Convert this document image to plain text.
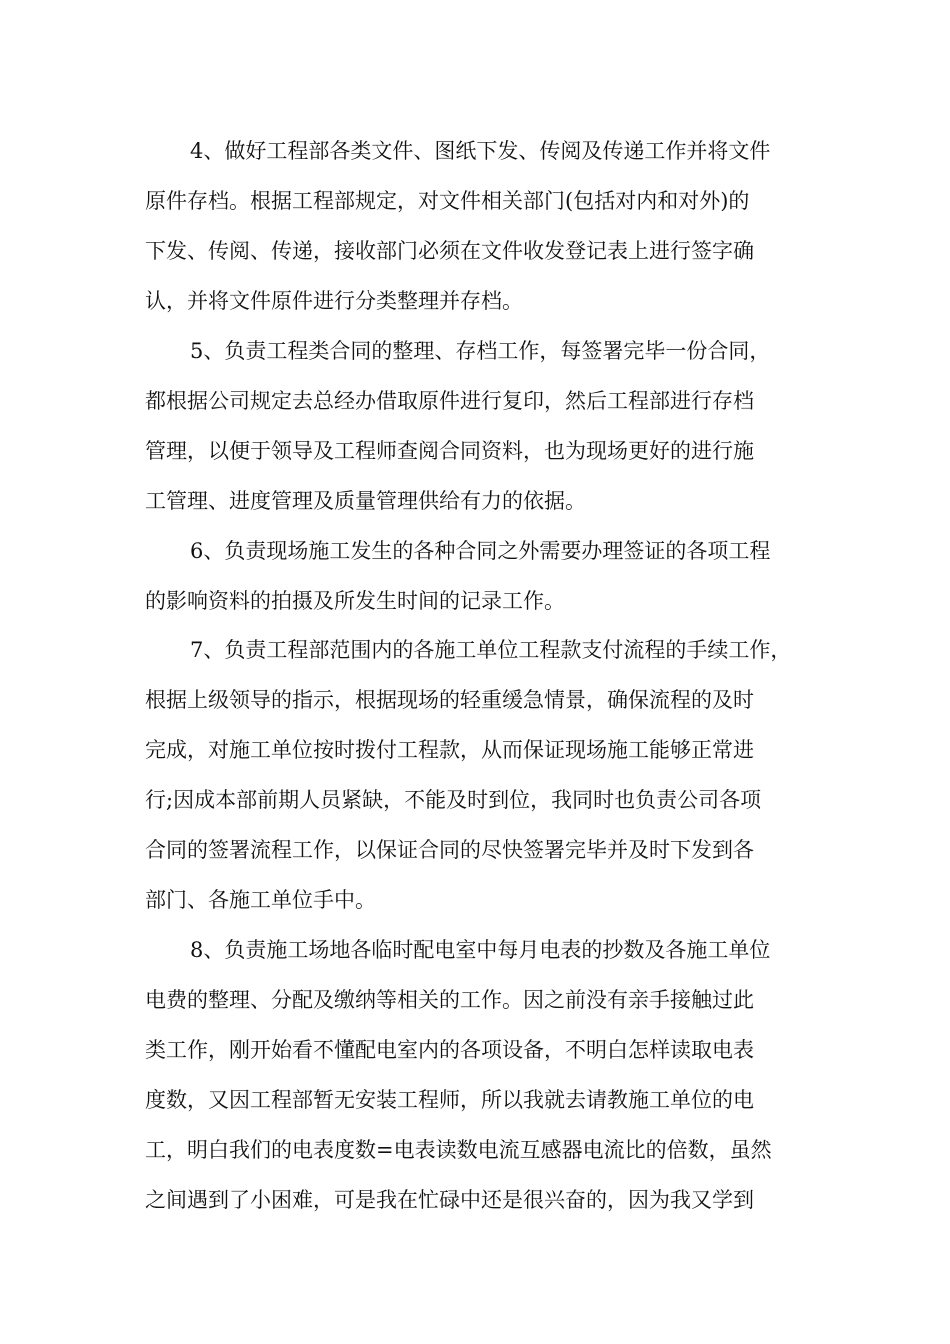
4、做好工程部各类文件、图纸下发、传阅及传递工作并将文件
原件存档。根据工程部规定，对文件相关部门(包括对内和对外)的
下发、传阅、传递，接收部门必须在文件收发登记表上进行签字确
认，并将文件原件进行分类整理并存档。
5、负责工程类合同的整理、存档工作，每签署完毕一份合同，
都根据公司规定去总经办借取原件进行复印，然后工程部进行存档
管理，以便于领导及工程师查阅合同资料，也为现场更好的进行施
工管理、进度管理及质量管理供给有力的依据。
6、负责现场施工发生的各种合同之外需要办理签证的各项工程
的影响资料的拍摄及所发生时间的记录工作。
7、负责工程部范围内的各施工单位工程款支付流程的手续工作，
根据上级领导的指示，根据现场的轻重缓急情景，确保流程的及时
完成，对施工单位按时拨付工程款，从而保证现场施工能够正常进
行;因成本部前期人员紧缺，不能及时到位，我同时也负责公司各项
合同的签署流程工作，以保证合同的尽快签署完毕并及时下发到各
部门、各施工单位手中。
8、负责施工场地各临时配电室中每月电表的抄数及各施工单位
电费的整理、分配及缴纳等相关的工作。因之前没有亲手接触过此
类工作，刚开始看不懂配电室内的各项设备，不明白怎样读取电表
度数，又因工程部暂无安装工程师，所以我就去请教施工单位的电
工，明白我们的电表度数=电表读数电流互感器电流比的倍数，虽然
之间遇到了小困难，可是我在忙碌中还是很兴奋的，因为我又学到
